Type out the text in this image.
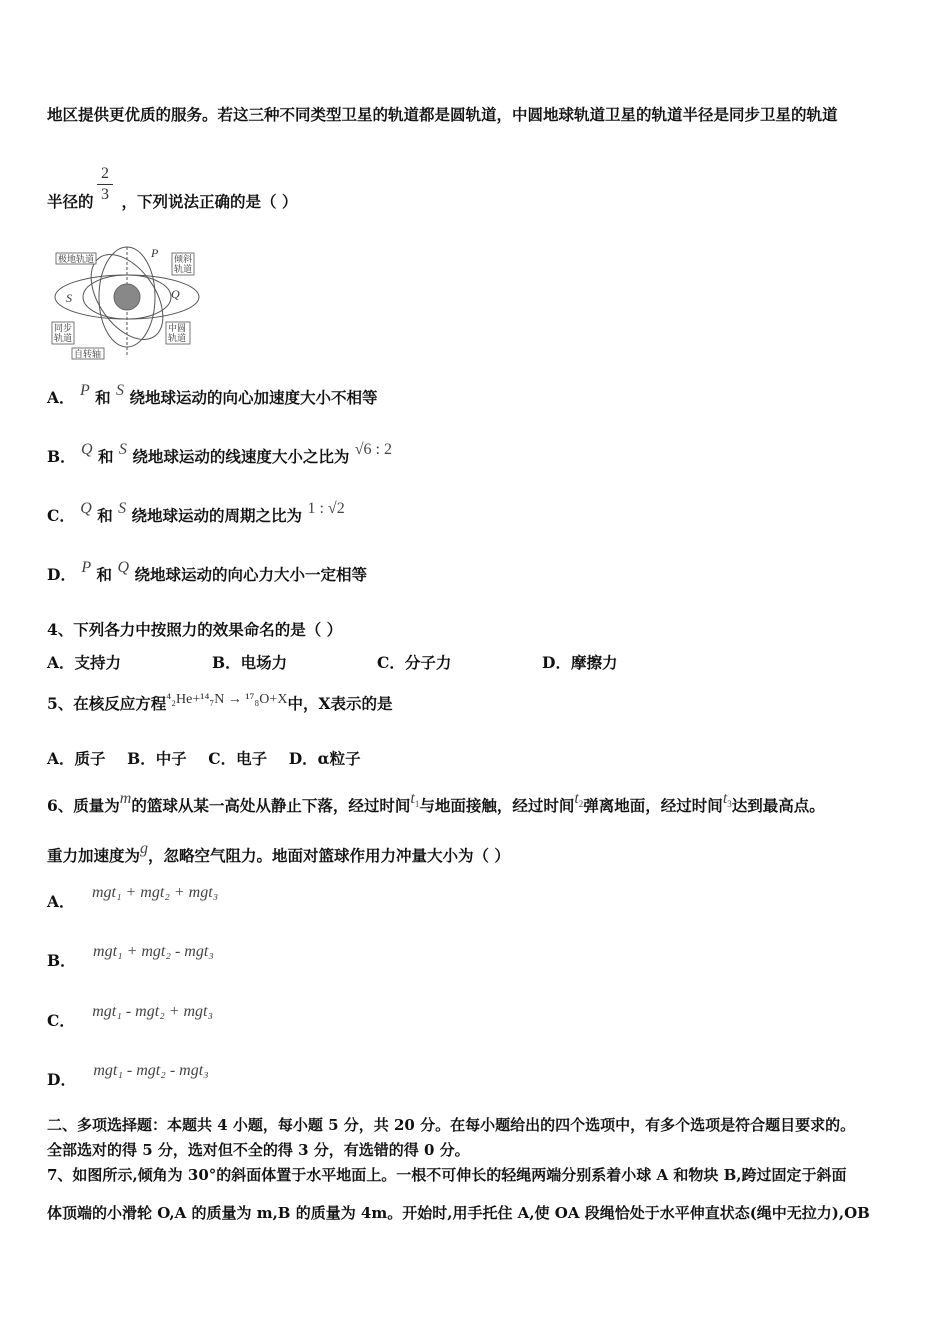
地区提供更优质的服务。若这三种不同类型卫星的轨道都是圆轨道，中圆地球轨道卫星的轨道半径是同步卫星的轨道
半径的 ，下列说法正确的是（ ）
2
3
极地轨道	倾斜
轨道
同步
轨道
中圆
轨道
自转轴
P
S	Q
A． P 和 S 绕地球运动的向心加速度大小不相等
B． Q 和 S 绕地球运动的线速度大小之比为 √6 : 2
C． Q 和 S 绕地球运动的周期之比为 1 : √2
D． P 和 Q 绕地球运动的向心力大小一定相等
4、下列各力中按照力的效果命名的是（ ）
A．支持力	B．电场力	C．分子力	D．摩擦力
5、在核反应方程⁴₂He+¹⁴₇N → ¹⁷₈O+X中，X表示的是
A．质子    B．中子    C．电子    D．α粒子
6、质量为m的篮球从某一高处从静止下落，经过时间$t_1$与地面接触，经过时间$t_2$弹离地面，经过时间$t_3$达到最高点。
重力加速度为g，忽略空气阻力。地面对篮球作用力冲量大小为（ ）
A． mgt₁ + mgt₂ + mgt₃
B． mgt₁ + mgt₂ - mgt₃
C． mgt₁ - mgt₂ + mgt₃
D． mgt₁ - mgt₂ - mgt₃
二、多项选择题：本题共 4 小题，每小题 5 分，共 20 分。在每小题给出的四个选项中，有多个选项是符合题目要求的。
全部选对的得 5 分，选对但不全的得 3 分，有选错的得 0 分。
7、如图所示,倾角为 30°的斜面体置于水平地面上。一根不可伸长的轻绳两端分别系着小球 A 和物块 B,跨过固定于斜面
体顶端的小滑轮 O,A 的质量为 m,B 的质量为 4m。开始时,用手托住 A,使 OA 段绳恰处于水平伸直状态(绳中无拉力),OB
